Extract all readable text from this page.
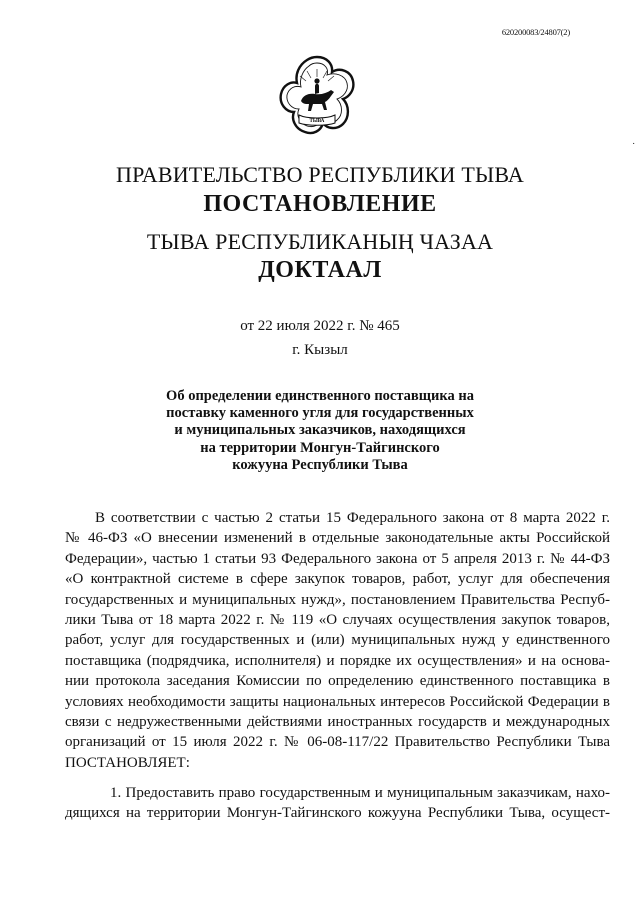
620200083/24807(2)
˙
ТЫВА
ПРАВИТЕЛЬСТВО РЕСПУБЛИКИ ТЫВА
ПОСТАНОВЛЕНИЕ
ТЫВА РЕСПУБЛИКАНЫҢ ЧАЗАА
ДОКТААЛ
от 22 июля 2022 г. № 465
г. Кызыл
Об определении единственного поставщика на
поставку каменного угля для государственных
и муниципальных заказчиков, находящихся
на территории Монгун-Тайгинского
кожууна Республики Тыва
В соответствии с частью 2 статьи 15 Федерального закона от 8 марта 2022 г.
№ 46-ФЗ «О внесении изменений в отдельные законодательные акты Российской
Федерации», частью 1 статьи 93 Федерального закона от 5 апреля 2013 г. № 44-ФЗ
«О контрактной системе в сфере закупок товаров, работ, услуг для обеспечения
государственных и муниципальных нужд», постановлением Правительства Респуб-
лики Тыва от 18 марта 2022 г. № 119 «О случаях осуществления закупок товаров,
работ, услуг для государственных и (или) муниципальных нужд у единственного
поставщика (подрядчика, исполнителя) и порядке их осуществления» и на основа-
нии протокола заседания Комиссии по определению единственного поставщика в
условиях необходимости защиты национальных интересов Российской Федерации в
связи с недружественными действиями иностранных государств и международных
организаций от 15 июля 2022 г. № 06-08-117/22 Правительство Республики Тыва
ПОСТАНОВЛЯЕТ:
1. Предоставить право государственным и муниципальным заказчикам, нахо-
дящихся на территории Монгун-Тайгинского кожууна Республики Тыва, осущест-
